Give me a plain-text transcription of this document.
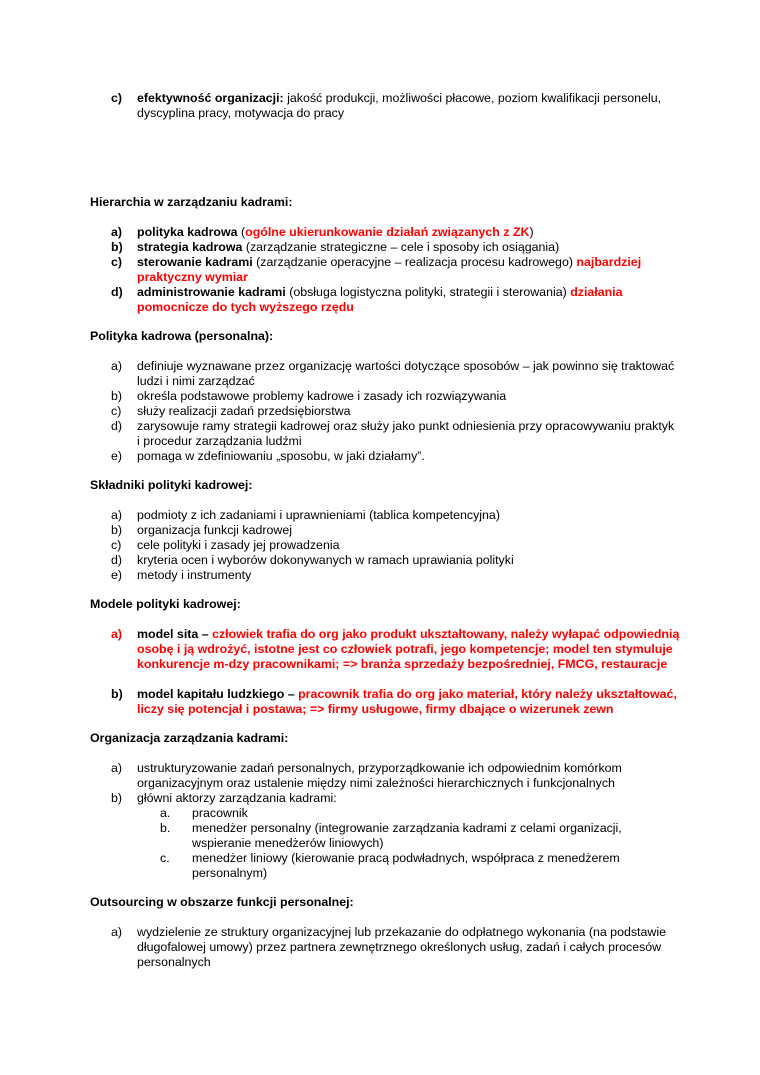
c) efektywność organizacji: jakość produkcji, możliwości płacowe, poziom kwalifikacji personelu, dyscyplina pracy, motywacja do pracy
Hierarchia w zarządzaniu kadrami:
a) polityka kadrowa (ogólne ukierunkowanie działań związanych z ZK)
b) strategia kadrowa (zarządzanie strategiczne – cele i sposoby ich osiągania)
c) sterowanie kadrami (zarządzanie operacyjne – realizacja procesu kadrowego) najbardziej praktyczny wymiar
d) administrowanie kadrami (obsługa logistyczna polityki, strategii i sterowania) działania pomocnicze do tych wyższego rzędu
Polityka kadrowa (personalna):
a) definiuje wyznawane przez organizację wartości dotyczące sposobów – jak powinno się traktować ludzi i nimi zarządzać
b) określa podstawowe problemy kadrowe i zasady ich rozwiązywania
c) służy realizacji zadań przedsiębiorstwa
d) zarysowuje ramy strategii kadrowej oraz służy jako punkt odniesienia przy opracowywaniu praktyk i procedur zarządzania ludźmi
e) pomaga w zdefiniowaniu „sposobu, w jaki działamy”.
Składniki polityki kadrowej:
a) podmioty z ich zadaniami i uprawnieniami (tablica kompetencyjna)
b) organizacja funkcji kadrowej
c) cele polityki i zasady jej prowadzenia
d) kryteria ocen i wyborów dokonywanych w ramach uprawiania polityki
e) metody i instrumenty
Modele polityki kadrowej:
a) model sita – człowiek trafia do org jako produkt ukształtowany, należy wyłapać odpowiednią osobę i ją wdrożyć, istotne jest co człowiek potrafi, jego kompetencje; model ten stymuluje konkurencje m-dzy pracownikami; => branża sprzedaży bezpośredniej, FMCG, restauracje
b) model kapitału ludzkiego – pracownik trafia do org jako materiał, który należy ukształtować, liczy się potencjał i postawa; => firmy usługowe, firmy dbające o wizerunek zewn
Organizacja zarządzania kadrami:
a) ustrukturyzowanie zadań personalnych, przyporządkowanie ich odpowiednim komórkom organizacyjnym oraz ustalenie między nimi zależności hierarchicznych i funkcjonalnych
b) główni aktorzy zarządzania kadrami:
a. pracownik
b. menedżer personalny (integrowanie zarządzania kadrami z celami organizacji, wspieranie menedżerów liniowych)
c. menedżer liniowy (kierowanie pracą podwładnych, współpraca z menedżerem personalnym)
Outsourcing w obszarze funkcji personalnej:
a) wydzielenie ze struktury organizacyjnej lub przekazanie do odpłatnego wykonania (na podstawie długofalowej umowy) przez partnera zewnętrznego określonych usług, zadań i całych procesów personalnych
